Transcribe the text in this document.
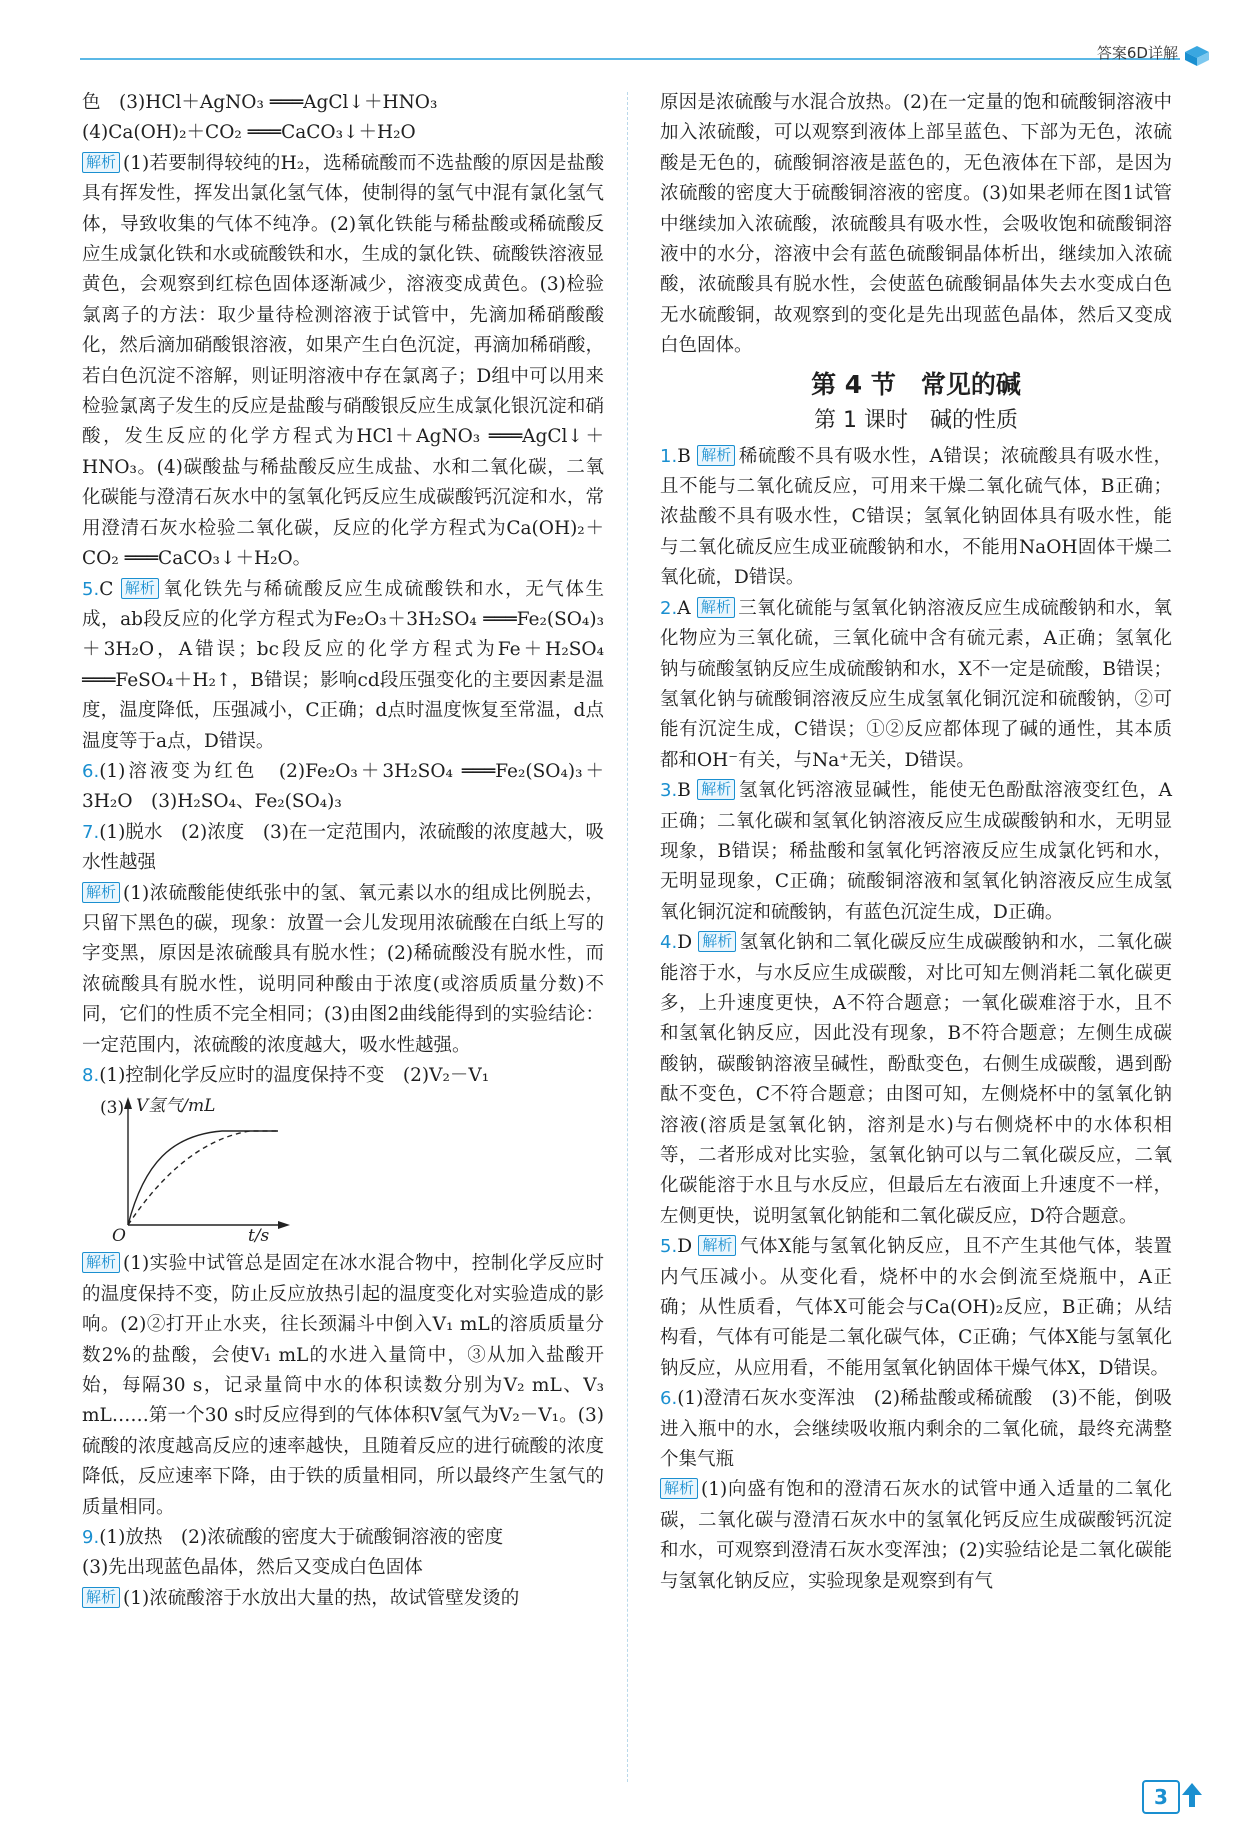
答案6D详解

色　(3)HCl＋AgNO₃ ═══AgCl↓＋HNO₃

(4)Ca(OH)₂＋CO₂ ═══CaCO₃↓＋H₂O

解析 (1)若要制得较纯的H₂，选稀硫酸而不选盐酸的原因是盐酸具有挥发性，挥发出氯化氢气体，使制得的氢气中混有氯化氢气体，导致收集的气体不纯净。(2)氧化铁能与稀盐酸或稀硫酸反应生成氯化铁和水或硫酸铁和水，生成的氯化铁、硫酸铁溶液显黄色，会观察到红棕色固体逐渐减少，溶液变成黄色。(3)检验氯离子的方法：取少量待检测溶液于试管中，先滴加稀硝酸酸化，然后滴加硝酸银溶液，如果产生白色沉淀，再滴加稀硝酸，若白色沉淀不溶解，则证明溶液中存在氯离子；D组中可以用来检验氯离子发生的反应是盐酸与硝酸银反应生成氯化银沉淀和硝酸，发生反应的化学方程式为HCl＋AgNO₃ ═══AgCl↓＋HNO₃。(4)碳酸盐与稀盐酸反应生成盐、水和二氧化碳，二氧化碳能与澄清石灰水中的氢氧化钙反应生成碳酸钙沉淀和水，常用澄清石灰水检验二氧化碳，反应的化学方程式为Ca(OH)₂＋CO₂ ═══CaCO₃↓＋H₂O。

5.C 解析 氧化铁先与稀硫酸反应生成硫酸铁和水，无气体生成，ab段反应的化学方程式为Fe₂O₃＋3H₂SO₄ ═══Fe₂(SO₄)₃＋3H₂O，A错误；bc段反应的化学方程式为Fe＋H₂SO₄ ═══FeSO₄＋H₂↑，B错误；影响cd段压强变化的主要因素是温度，温度降低，压强减小，C正确；d点时温度恢复至常温，d点温度等于a点，D错误。

6.(1)溶液变为红色　(2)Fe₂O₃＋3H₂SO₄ ═══Fe₂(SO₄)₃＋3H₂O　(3)H₂SO₄、Fe₂(SO₄)₃

7.(1)脱水　(2)浓度　(3)在一定范围内，浓硫酸的浓度越大，吸水性越强

解析 (1)浓硫酸能使纸张中的氢、氧元素以水的组成比例脱去，只留下黑色的碳，现象：放置一会儿发现用浓硫酸在白纸上写的字变黑，原因是浓硫酸具有脱水性；(2)稀硫酸没有脱水性，而浓硫酸具有脱水性，说明同种酸由于浓度(或溶质质量分数)不同，它们的性质不完全相同；(3)由图2曲线能得到的实验结论：一定范围内，浓硫酸的浓度越大，吸水性越强。

8.(1)控制化学反应时的温度保持不变　(2)V₂－V₁

(3) V氢气/mL
O	t/s

解析 (1)实验中试管总是固定在冰水混合物中，控制化学反应时的温度保持不变，防止反应放热引起的温度变化对实验造成的影响。(2)②打开止水夹，往长颈漏斗中倒入V₁ mL的溶质质量分数2%的盐酸，会使V₁ mL的水进入量筒中，③从加入盐酸开始，每隔30 s，记录量筒中水的体积读数分别为V₂ mL、V₃ mL……第一个30 s时反应得到的气体体积V氢气为V₂－V₁。(3)硫酸的浓度越高反应的速率越快，且随着反应的进行硫酸的浓度降低，反应速率下降，由于铁的质量相同，所以最终产生氢气的质量相同。

9.(1)放热　(2)浓硫酸的密度大于硫酸铜溶液的密度

(3)先出现蓝色晶体，然后又变成白色固体

解析 (1)浓硫酸溶于水放出大量的热，故试管壁发烫的

原因是浓硫酸与水混合放热。(2)在一定量的饱和硫酸铜溶液中加入浓硫酸，可以观察到液体上部呈蓝色、下部为无色，浓硫酸是无色的，硫酸铜溶液是蓝色的，无色液体在下部，是因为浓硫酸的密度大于硫酸铜溶液的密度。(3)如果老师在图1试管中继续加入浓硫酸，浓硫酸具有吸水性，会吸收饱和硫酸铜溶液中的水分，溶液中会有蓝色硫酸铜晶体析出，继续加入浓硫酸，浓硫酸具有脱水性，会使蓝色硫酸铜晶体失去水变成白色无水硫酸铜，故观察到的变化是先出现蓝色晶体，然后又变成白色固体。

第 4 节　常见的碱
第 1 课时　碱的性质

1.B 解析 稀硫酸不具有吸水性，A错误；浓硫酸具有吸水性，且不能与二氧化硫反应，可用来干燥二氧化硫气体，B正确；浓盐酸不具有吸水性，C错误；氢氧化钠固体具有吸水性，能与二氧化硫反应生成亚硫酸钠和水，不能用NaOH固体干燥二氧化硫，D错误。

2.A 解析 三氧化硫能与氢氧化钠溶液反应生成硫酸钠和水，氧化物应为三氧化硫，三氧化硫中含有硫元素，A正确；氢氧化钠与硫酸氢钠反应生成硫酸钠和水，X不一定是硫酸，B错误；氢氧化钠与硫酸铜溶液反应生成氢氧化铜沉淀和硫酸钠，②可能有沉淀生成，C错误；①②反应都体现了碱的通性，其本质都和OH⁻有关，与Na⁺无关，D错误。

3.B 解析 氢氧化钙溶液显碱性，能使无色酚酞溶液变红色，A正确；二氧化碳和氢氧化钠溶液反应生成碳酸钠和水，无明显现象，B错误；稀盐酸和氢氧化钙溶液反应生成氯化钙和水，无明显现象，C正确；硫酸铜溶液和氢氧化钠溶液反应生成氢氧化铜沉淀和硫酸钠，有蓝色沉淀生成，D正确。

4.D 解析 氢氧化钠和二氧化碳反应生成碳酸钠和水，二氧化碳能溶于水，与水反应生成碳酸，对比可知左侧消耗二氧化碳更多，上升速度更快，A不符合题意；一氧化碳难溶于水，且不和氢氧化钠反应，因此没有现象，B不符合题意；左侧生成碳酸钠，碳酸钠溶液呈碱性，酚酞变色，右侧生成碳酸，遇到酚酞不变色，C不符合题意；由图可知，左侧烧杯中的氢氧化钠溶液(溶质是氢氧化钠，溶剂是水)与右侧烧杯中的水体积相等，二者形成对比实验，氢氧化钠可以与二氧化碳反应，二氧化碳能溶于水且与水反应，但最后左右液面上升速度不一样，左侧更快，说明氢氧化钠能和二氧化碳反应，D符合题意。

5.D 解析 气体X能与氢氧化钠反应，且不产生其他气体，装置内气压减小。从变化看，烧杯中的水会倒流至烧瓶中，A正确；从性质看，气体X可能会与Ca(OH)₂反应，B正确；从结构看，气体有可能是二氧化碳气体，C正确；气体X能与氢氧化钠反应，从应用看，不能用氢氧化钠固体干燥气体X，D错误。

6.(1)澄清石灰水变浑浊　(2)稀盐酸或稀硫酸　(3)不能，倒吸进入瓶中的水，会继续吸收瓶内剩余的二氧化硫，最终充满整个集气瓶

解析 (1)向盛有饱和的澄清石灰水的试管中通入适量的二氧化碳，二氧化碳与澄清石灰水中的氢氧化钙反应生成碳酸钙沉淀和水，可观察到澄清石灰水变浑浊；(2)实验结论是二氧化碳能与氢氧化钠反应，实验现象是观察到有气

3
